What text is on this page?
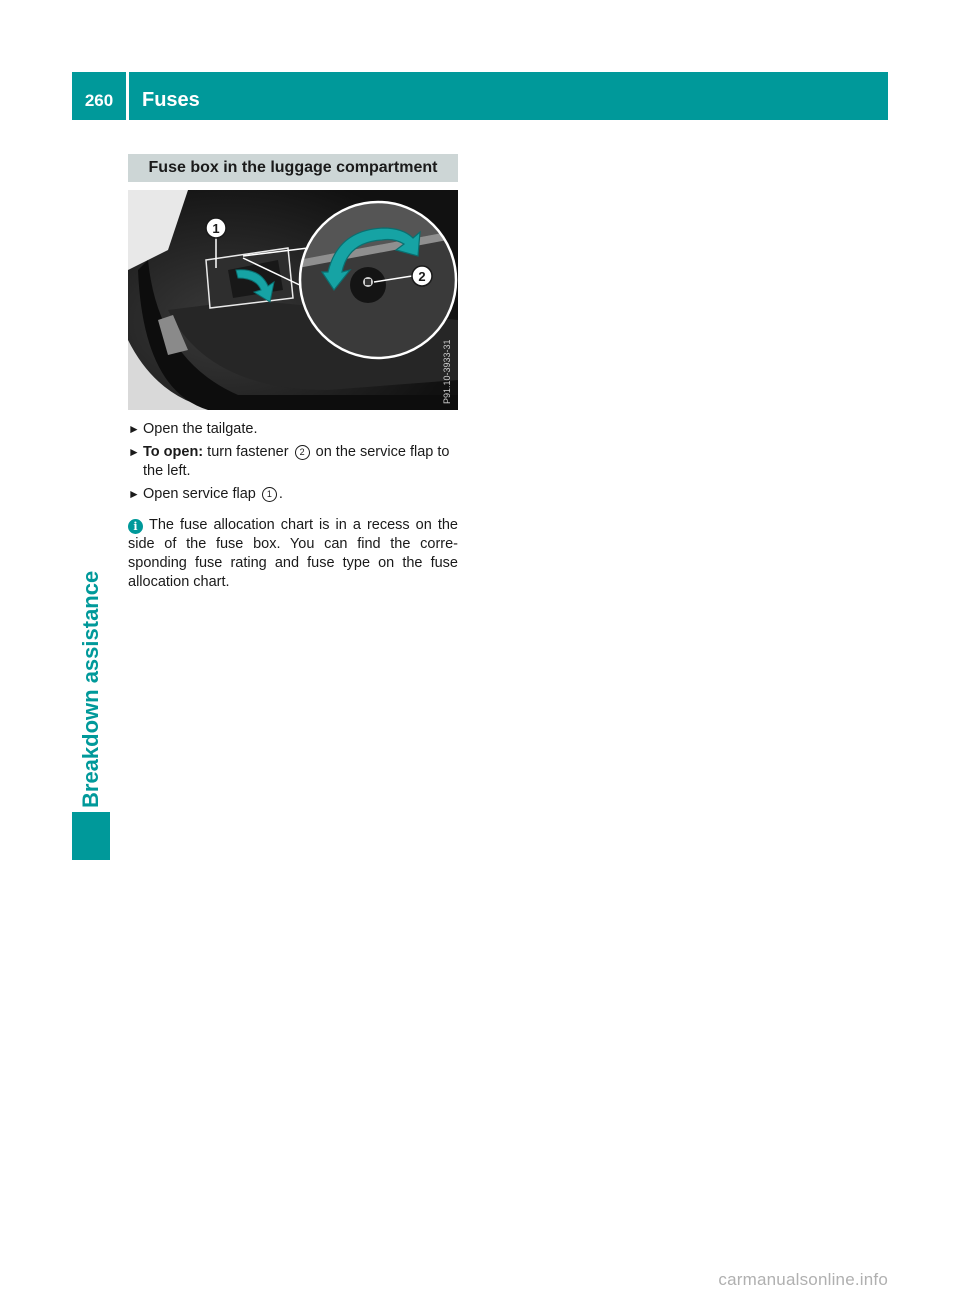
260	Fuses
Breakdown assistance
Fuse box in the luggage compartment
1
2
P91.10-3933-31
► Open the tailgate.
► To open: turn fastener 2 on the service flap to the left.
► Open service flap 1 .
i The fuse allocation chart is in a recess on the side of the fuse box. You can find the corre-sponding fuse rating and fuse type on the fuse allocation chart.
carmanualsonline.info
